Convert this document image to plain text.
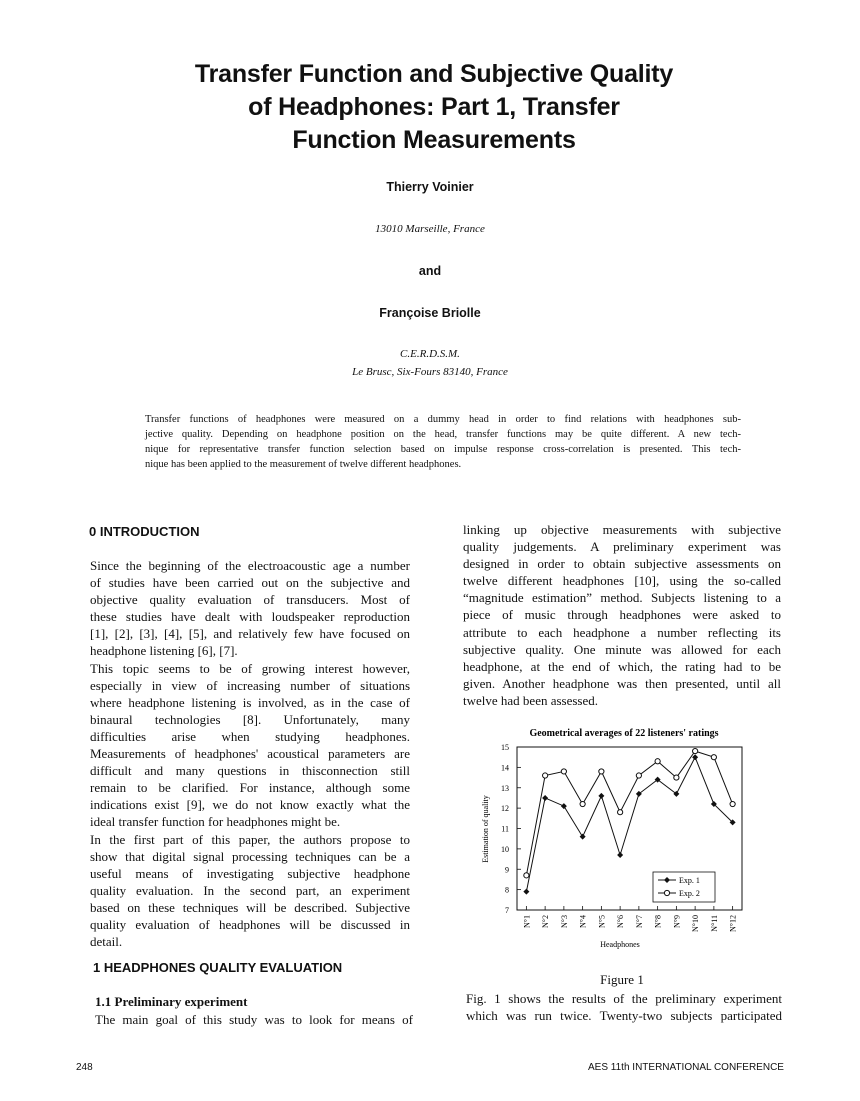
Transfer Function and Subjective Quality
of Headphones: Part 1, Transfer
Function Measurements
Thierry Voinier
13010 Marseille, France
and
Françoise Briolle
C.E.R.D.S.M.
Le Brusc, Six-Fours 83140, France
Transfer functions of headphones were measured on a dummy head in order to find relations with headphones sub-
jective quality. Depending on headphone position on the head, transfer functions may be quite different. A new tech-
nique for representative transfer function selection based on impulse response cross-correlation is presented. This tech-
nique has been applied to the measurement of twelve different headphones.
0 INTRODUCTION
Since the beginning of the electroacoustic age a number
of studies have been carried out on the subjective and
objective quality evaluation of transducers. Most of
these studies have dealt with loudspeaker reproduction
[1], [2], [3], [4], [5], and relatively few have focused on
headphone listening [6], [7].
This topic seems to be of growing interest however,
especially in view of increasing number of situations
where headphone listening is involved, as in the case of
binaural technologies [8]. Unfortunately, many
difficulties arise when studying headphones.
Measurements of headphones' acoustical parameters are
difficult and many questions in thisconnection still
remain to be clarified. For instance, although some
indications exist [9], we do not know exactly what the
ideal transfer function for headphones might be.
In the first part of this paper, the authors propose to
show that digital signal processing techniques can be a
useful means of investigating subjective headphone
quality evaluation. In the second part, an experiment
based on these techniques will be described. Subjective
quality evaluation of headphones will be discussed in
detail.
1 HEADPHONES QUALITY EVALUATION
1.1 Preliminary experiment
The main goal of this study was to look for means of
linking up objective measurements with subjective
quality judgements. A preliminary experiment was
designed in order to obtain subjective assessments on
twelve different headphones [10], using the so-called
“magnitude estimation” method. Subjects listening to a
piece of music through headphones were asked to
attribute to each headphone a number reflecting its
subjective quality. One minute was allowed for each
headphone, at the end of which, the rating had to be
given. Another headphone was then presented, until all
twelve had been assessed.
Geometrical averages of 22 listeners' ratings
Estimation of quality
Headphones
7
8
9
10
11
12
13
14
15
N°1 N°2 N°3 N°4 N°5 N°6 N°7 N°8 N°9 N°10 N°11 N°12
Exp. 1
Exp. 2
Figure 1
Fig. 1 shows the results of the preliminary experiment
which was run twice. Twenty-two subjects participated
248	AES 11th INTERNATIONAL CONFERENCE
